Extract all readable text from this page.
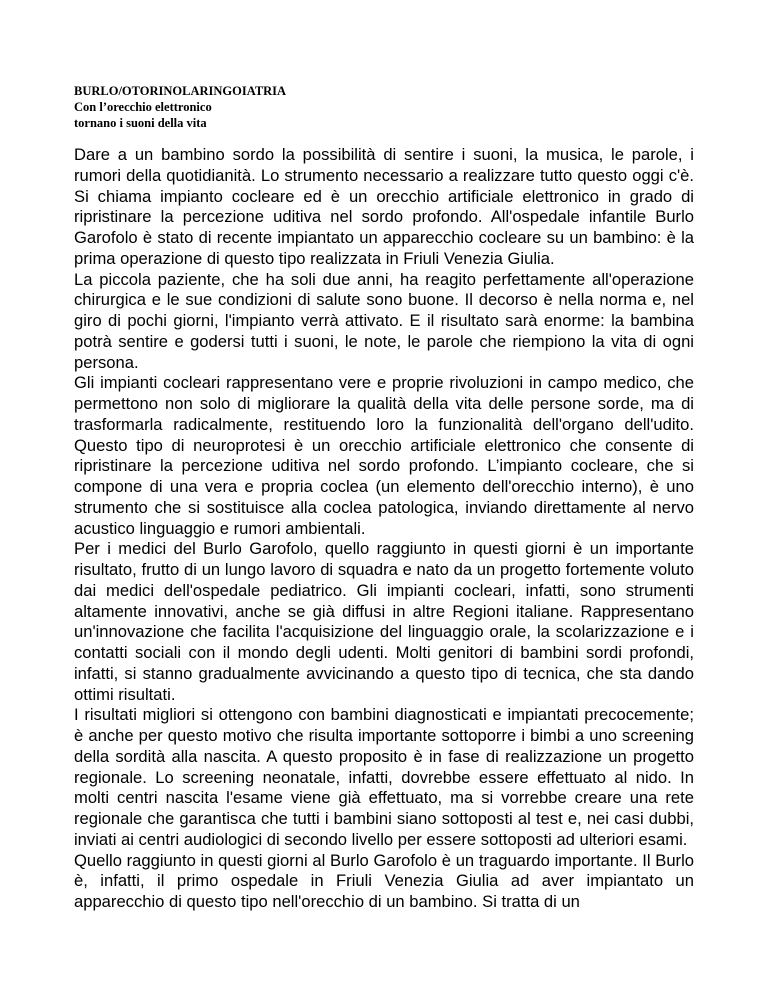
BURLO/OTORINOLARINGOIATRIA
Con l’orecchio elettronico
tornano i suoni della vita

Dare a un bambino sordo la possibilità di sentire i suoni, la musica, le parole, i rumori della quotidianità. Lo strumento necessario a realizzare tutto questo oggi c'è. Si chiama impianto cocleare ed è un orecchio artificiale elettronico in grado di ripristinare la percezione uditiva nel sordo profondo. All'ospedale infantile Burlo Garofolo è stato di recente impiantato un apparecchio cocleare su un bambino: è la prima operazione di questo tipo realizzata in Friuli Venezia Giulia.

La piccola paziente, che ha soli due anni, ha reagito perfettamente all'operazione chirurgica e le sue condizioni di salute sono buone. Il decorso è nella norma e, nel giro di pochi giorni, l'impianto verrà attivato. E il risultato sarà enorme: la bambina potrà sentire e godersi tutti i suoni, le note, le parole che riempiono la vita di ogni persona.

Gli impianti cocleari rappresentano vere e proprie rivoluzioni in campo medico, che permettono non solo di migliorare la qualità della vita delle persone sorde, ma di trasformarla radicalmente, restituendo loro la funzionalità dell'organo dell'udito. Questo tipo di neuroprotesi è un orecchio artificiale elettronico che consente di ripristinare la percezione uditiva nel sordo profondo. L’impianto cocleare, che si compone di una vera e propria coclea (un elemento dell'orecchio interno), è uno strumento che si sostituisce alla coclea patologica, inviando direttamente al nervo acustico linguaggio e rumori ambientali.

Per i medici del Burlo Garofolo, quello raggiunto in questi giorni è un importante risultato, frutto di un lungo lavoro di squadra e nato da un progetto fortemente voluto dai medici dell'ospedale pediatrico. Gli impianti cocleari, infatti, sono strumenti altamente innovativi, anche se già diffusi in altre Regioni italiane. Rappresentano un'innovazione che facilita l'acquisizione del linguaggio orale, la scolarizzazione e i contatti sociali con il mondo degli udenti. Molti genitori di bambini sordi profondi, infatti, si stanno gradualmente avvicinando a questo tipo di tecnica, che sta dando ottimi risultati.

I risultati migliori si ottengono con bambini diagnosticati e impiantati precocemente; è anche per questo motivo che risulta importante sottoporre i bimbi a uno screening della sordità alla nascita. A questo proposito è in fase di realizzazione un progetto regionale. Lo screening neonatale, infatti, dovrebbe essere effettuato al nido. In molti centri nascita l'esame viene già effettuato, ma si vorrebbe creare una rete regionale che garantisca che tutti i bambini siano sottoposti al test e, nei casi dubbi, inviati ai centri audiologici di secondo livello per essere sottoposti ad ulteriori esami.

Quello raggiunto in questi giorni al Burlo Garofolo è un traguardo importante. Il Burlo è, infatti, il primo ospedale in Friuli Venezia Giulia ad aver impiantato un apparecchio di questo tipo nell'orecchio di un bambino. Si tratta di un
